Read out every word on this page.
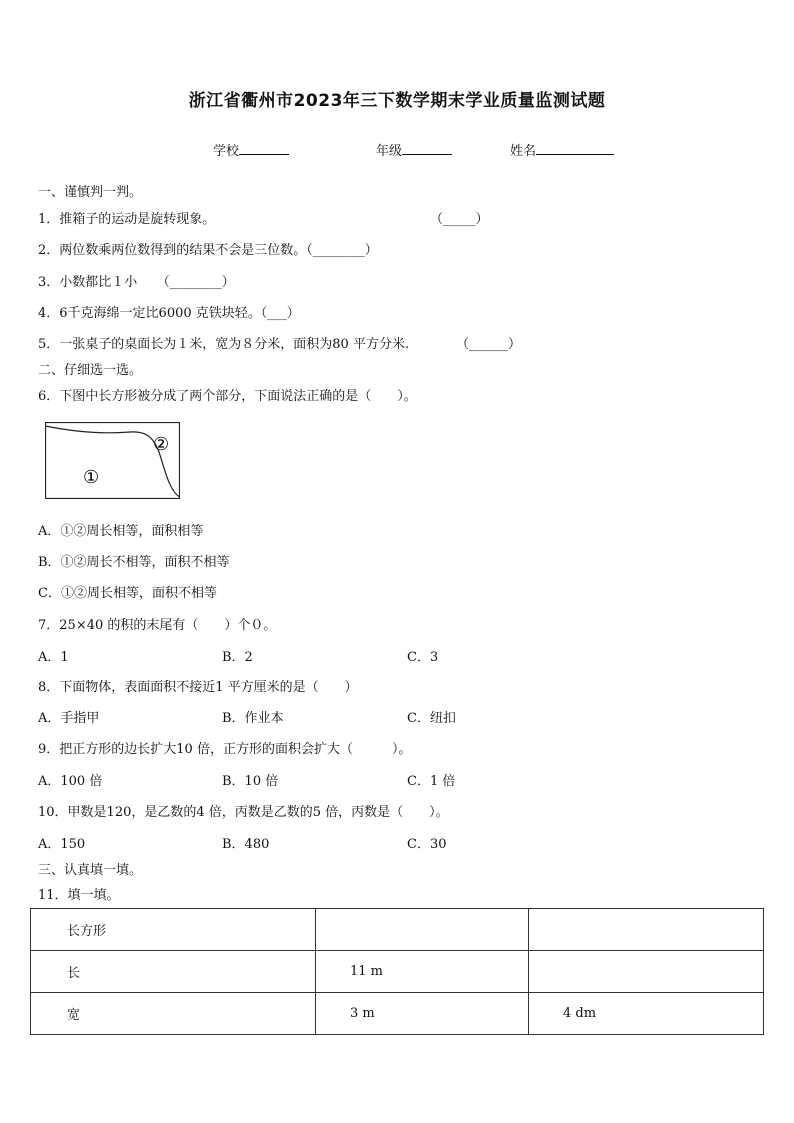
浙江省衢州市2023年三下数学期末学业质量监测试题
学校	年级	姓名
一、谨慎判一判。
1．推箱子的运动是旋转现象。	（_____）
2．两位数乘两位数得到的结果不会是三位数。（________）
3．小数都比１小　　（________）
4．6千克海绵一定比6000 克铁块轻。（___）
5．一张桌子的桌面长为１米，宽为８分米，面积为80 平方分米.	（______）
二、仔细选一选。
6．下图中长方形被分成了两个部分，下面说法正确的是（　　）。
①
②
A．①②周长相等，面积相等
B．①②周长不相等，面积不相等
C．①②周长相等，面积不相等
7．25×40 的积的末尾有（　　）个０。
A．1	B．2	C．3
8．下面物体，表面面积不接近1 平方厘米的是（　　）
A．手指甲	B．作业本	C．纽扣
9．把正方形的边长扩大10 倍，正方形的面积会扩大（　　　）。
A．100 倍	B．10 倍	C．1 倍
10．甲数是120，是乙数的4 倍，丙数是乙数的5 倍，丙数是（　　）。
A．150	B．480	C．30
三、认真填一填。
11．填一填。
长方形		
长	11 m	
宽	3 m	4 dm
